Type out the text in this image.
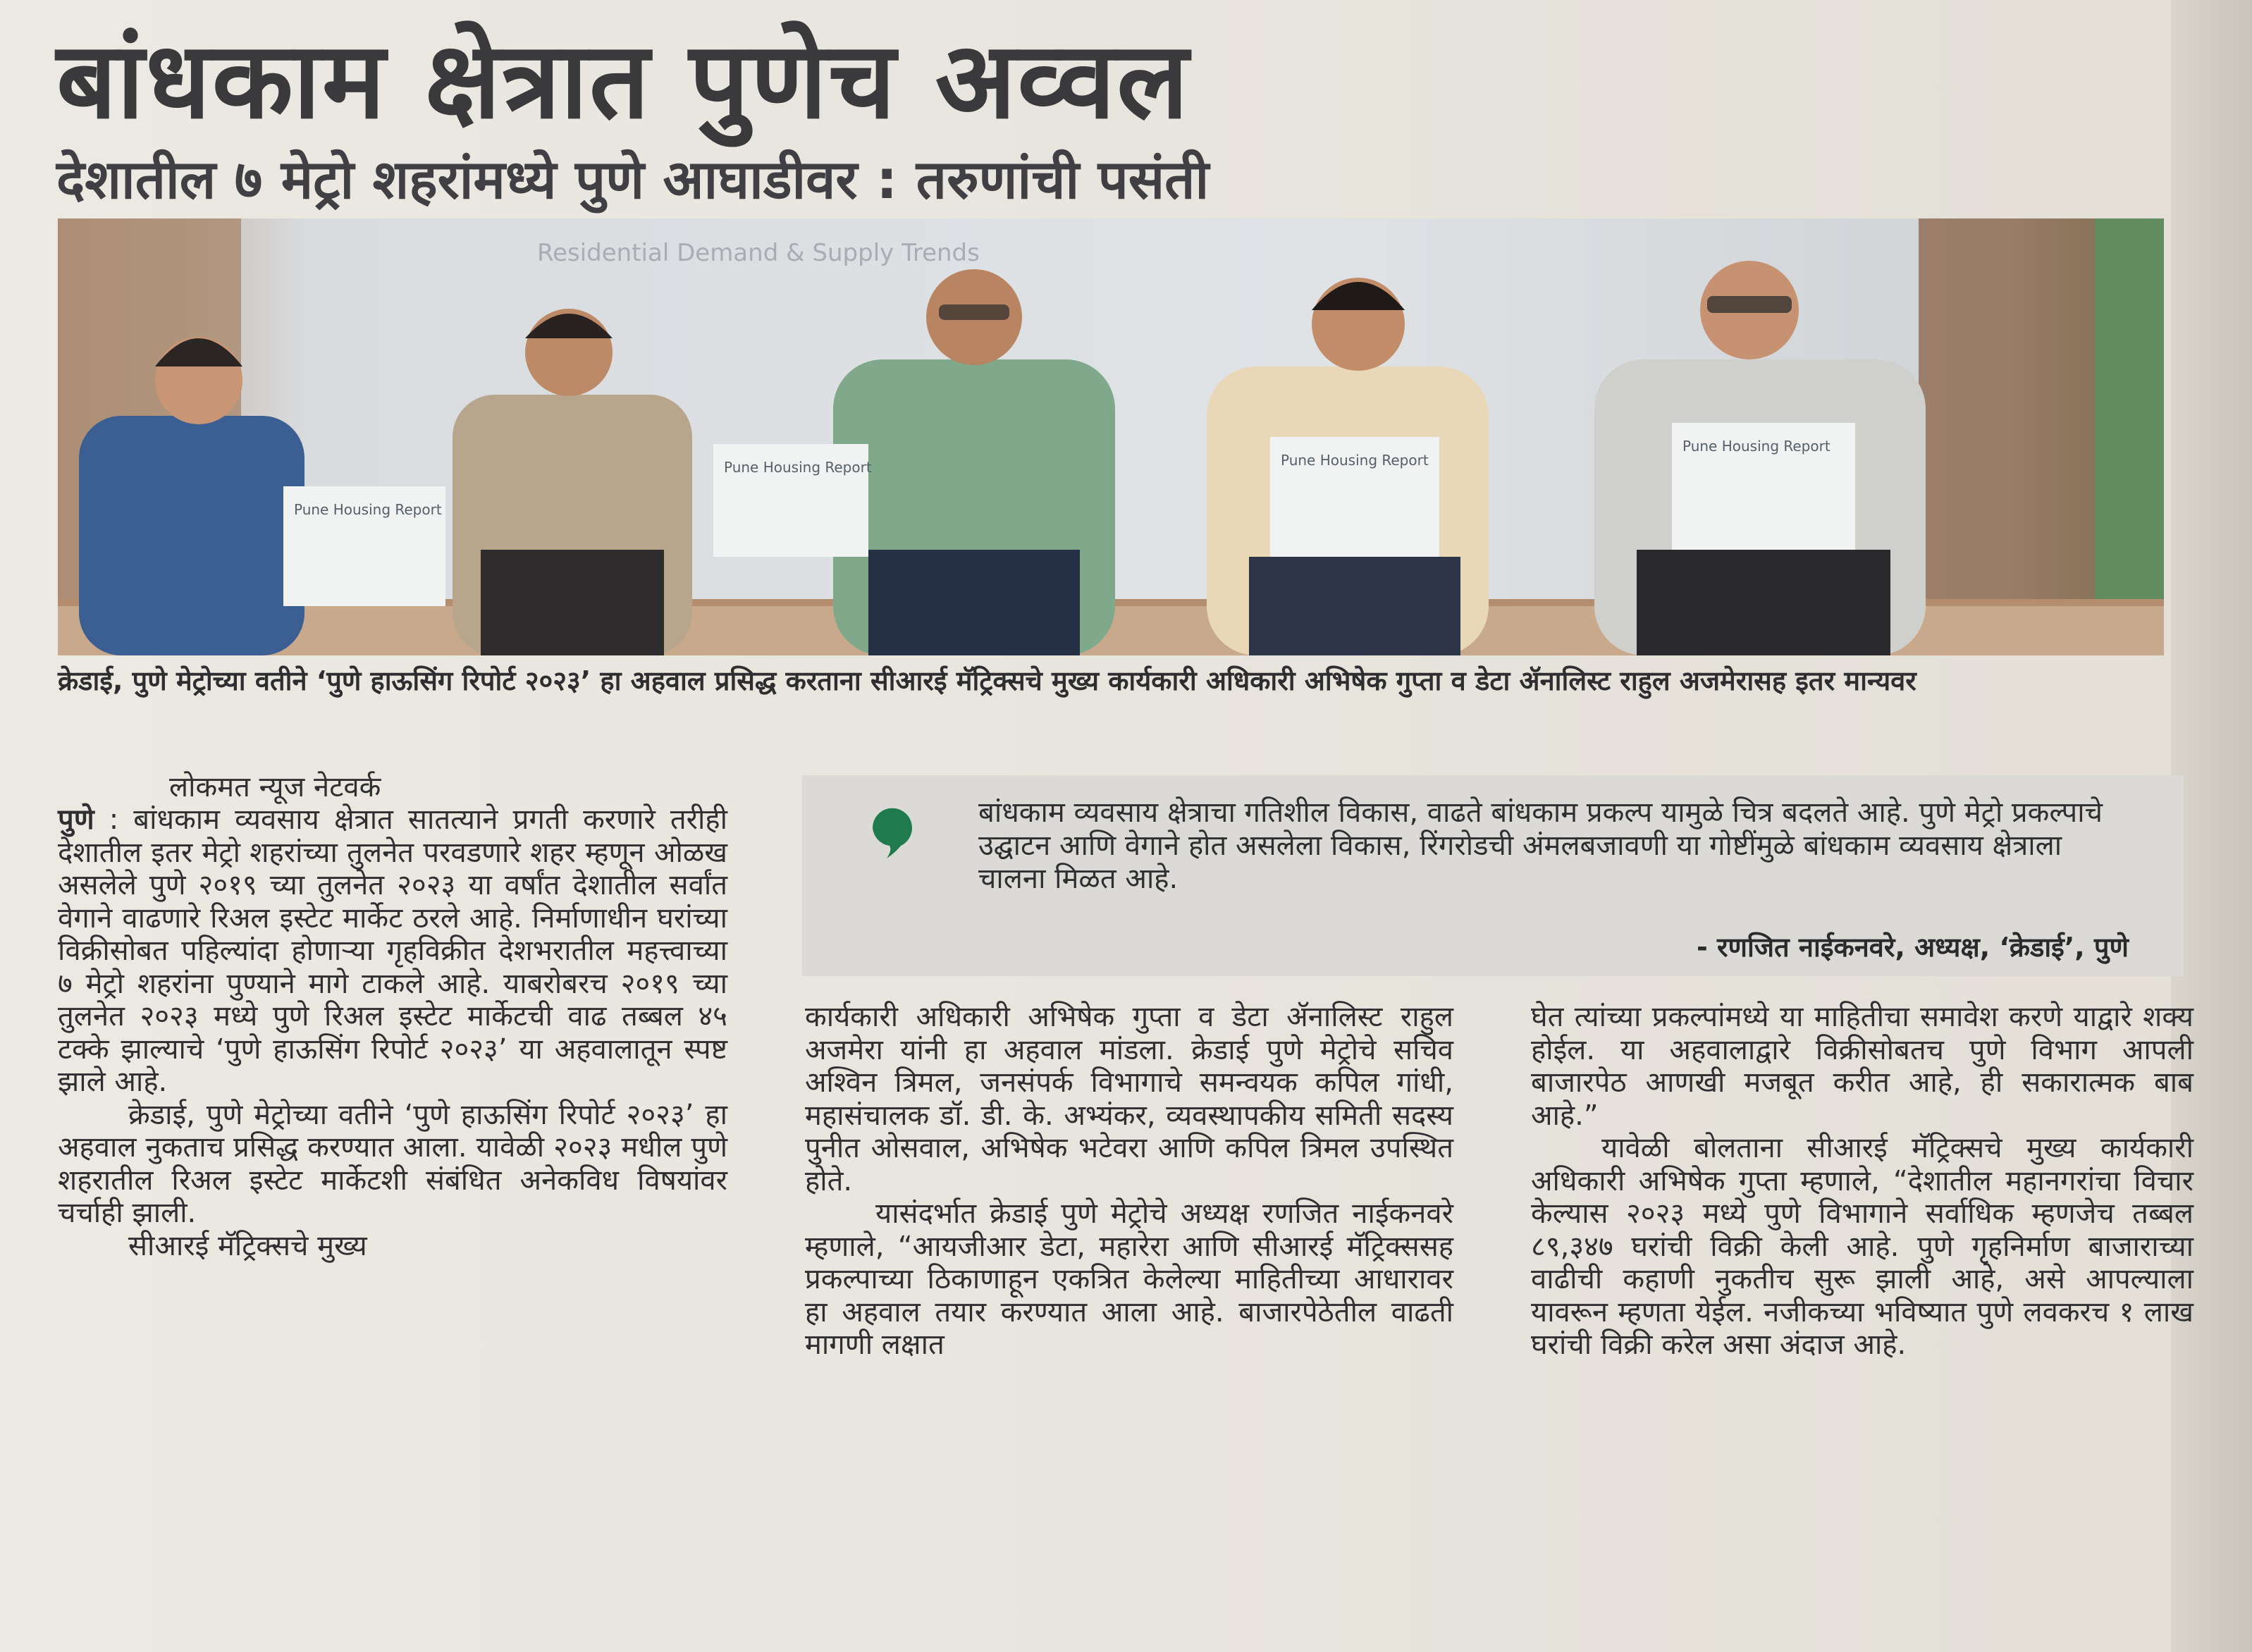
बांधकाम क्षेत्रात पुणेच अव्वल
देशातील ७ मेट्रो शहरांमध्ये पुणे आघाडीवर : तरुणांची पसंती
Residential Demand & Supply Trends
Pune Housing Report
Pune Housing Report	Pune Housing Report
Pune Housing Report

क्रेडाई, पुणे मेट्रोच्या वतीने ‘पुणे हाऊसिंग रिपोर्ट २०२३’ हा अहवाल प्रसिद्ध करताना सीआरई मॅट्रिक्सचे मुख्य कार्यकारी अधिकारी अभिषेक गुप्ता व डेटा ॲनालिस्ट राहुल अजमेरासह इतर मान्यवर

लोकमत न्यूज नेटवर्क

पुणे : बांधकाम व्यवसाय क्षेत्रात सातत्याने प्रगती करणारे तरीही देशातील इतर मेट्रो शहरांच्या तुलनेत परवडणारे शहर म्हणून ओळख असलेले पुणे २०१९ च्या तुलनेत २०२३ या वर्षांत देशातील सर्वांत वेगाने वाढणारे रिअल इस्टेट मार्केट ठरले आहे. निर्माणाधीन घरांच्या विक्रीसोबत पहिल्यांदा होणाऱ्या गृहविक्रीत देशभरातील महत्त्वाच्या ७ मेट्रो शहरांना पुण्याने मागे टाकले आहे. याबरोबरच २०१९ च्या तुलनेत २०२३ मध्ये पुणे रिअल इस्टेट मार्केटची वाढ तब्बल ४५ टक्के झाल्याचे ‘पुणे हाऊसिंग रिपोर्ट २०२३’ या अहवालातून स्पष्ट झाले आहे.

क्रेडाई, पुणे मेट्रोच्या वतीने ‘पुणे हाऊसिंग रिपोर्ट २०२३’ हा अहवाल नुकताच प्रसिद्ध करण्यात आला. यावेळी २०२३ मधील पुणे शहरातील रिअल इस्टेट मार्केटशी संबंधित अनेकविध विषयांवर चर्चाही झाली.

सीआरई मॅट्रिक्सचे मुख्य

बांधकाम व्यवसाय क्षेत्राचा गतिशील विकास, वाढते बांधकाम प्रकल्प यामुळे चित्र बदलते आहे. पुणे मेट्रो प्रकल्पाचे उद्घाटन आणि वेगाने होत असलेला विकास, रिंगरोडची अंमलबजावणी या गोष्टींमुळे बांधकाम व्यवसाय क्षेत्राला चालना मिळत आहे.
- रणजित नाईकनवरे, अध्यक्ष, ‘क्रेडाई’, पुणे

कार्यकारी अधिकारी अभिषेक गुप्ता व डेटा ॲनालिस्ट राहुल अजमेरा यांनी हा अहवाल मांडला. क्रेडाई पुणे मेट्रोचे सचिव अश्विन त्रिमल, जनसंपर्क विभागाचे समन्वयक कपिल गांधी, महासंचालक डॉ. डी. के. अभ्यंकर, व्यवस्थापकीय समिती सदस्य पुनीत ओसवाल, अभिषेक भटेवरा आणि कपिल त्रिमल उपस्थित होते.

यासंदर्भात क्रेडाई पुणे मेट्रोचे अध्यक्ष रणजित नाईकनवरे म्हणाले, “आयजीआर डेटा, महारेरा आणि सीआरई मॅट्रिक्ससह प्रकल्पाच्या ठिकाणाहून एकत्रित केलेल्या माहितीच्या आधारावर हा अहवाल तयार करण्यात आला आहे. बाजारपेठेतील वाढती मागणी लक्षात

घेत त्यांच्या प्रकल्पांमध्ये या माहितीचा समावेश करणे याद्वारे शक्य होईल. या अहवालाद्वारे विक्रीसोबतच पुणे विभाग आपली बाजारपेठ आणखी मजबूत करीत आहे, ही सकारात्मक बाब आहे.”

यावेळी बोलताना सीआरई मॅट्रिक्सचे मुख्य कार्यकारी अधिकारी अभिषेक गुप्ता म्हणाले, “देशातील महानगरांचा विचार केल्यास २०२३ मध्ये पुणे विभागाने सर्वाधिक म्हणजेच तब्बल ८९,३४७ घरांची विक्री केली आहे. पुणे गृहनिर्माण बाजाराच्या वाढीची कहाणी नुकतीच सुरू झाली आहे, असे आपल्याला यावरून म्हणता येईल. नजीकच्या भविष्यात पुणे लवकरच १ लाख घरांची विक्री करेल असा अंदाज आहे.
